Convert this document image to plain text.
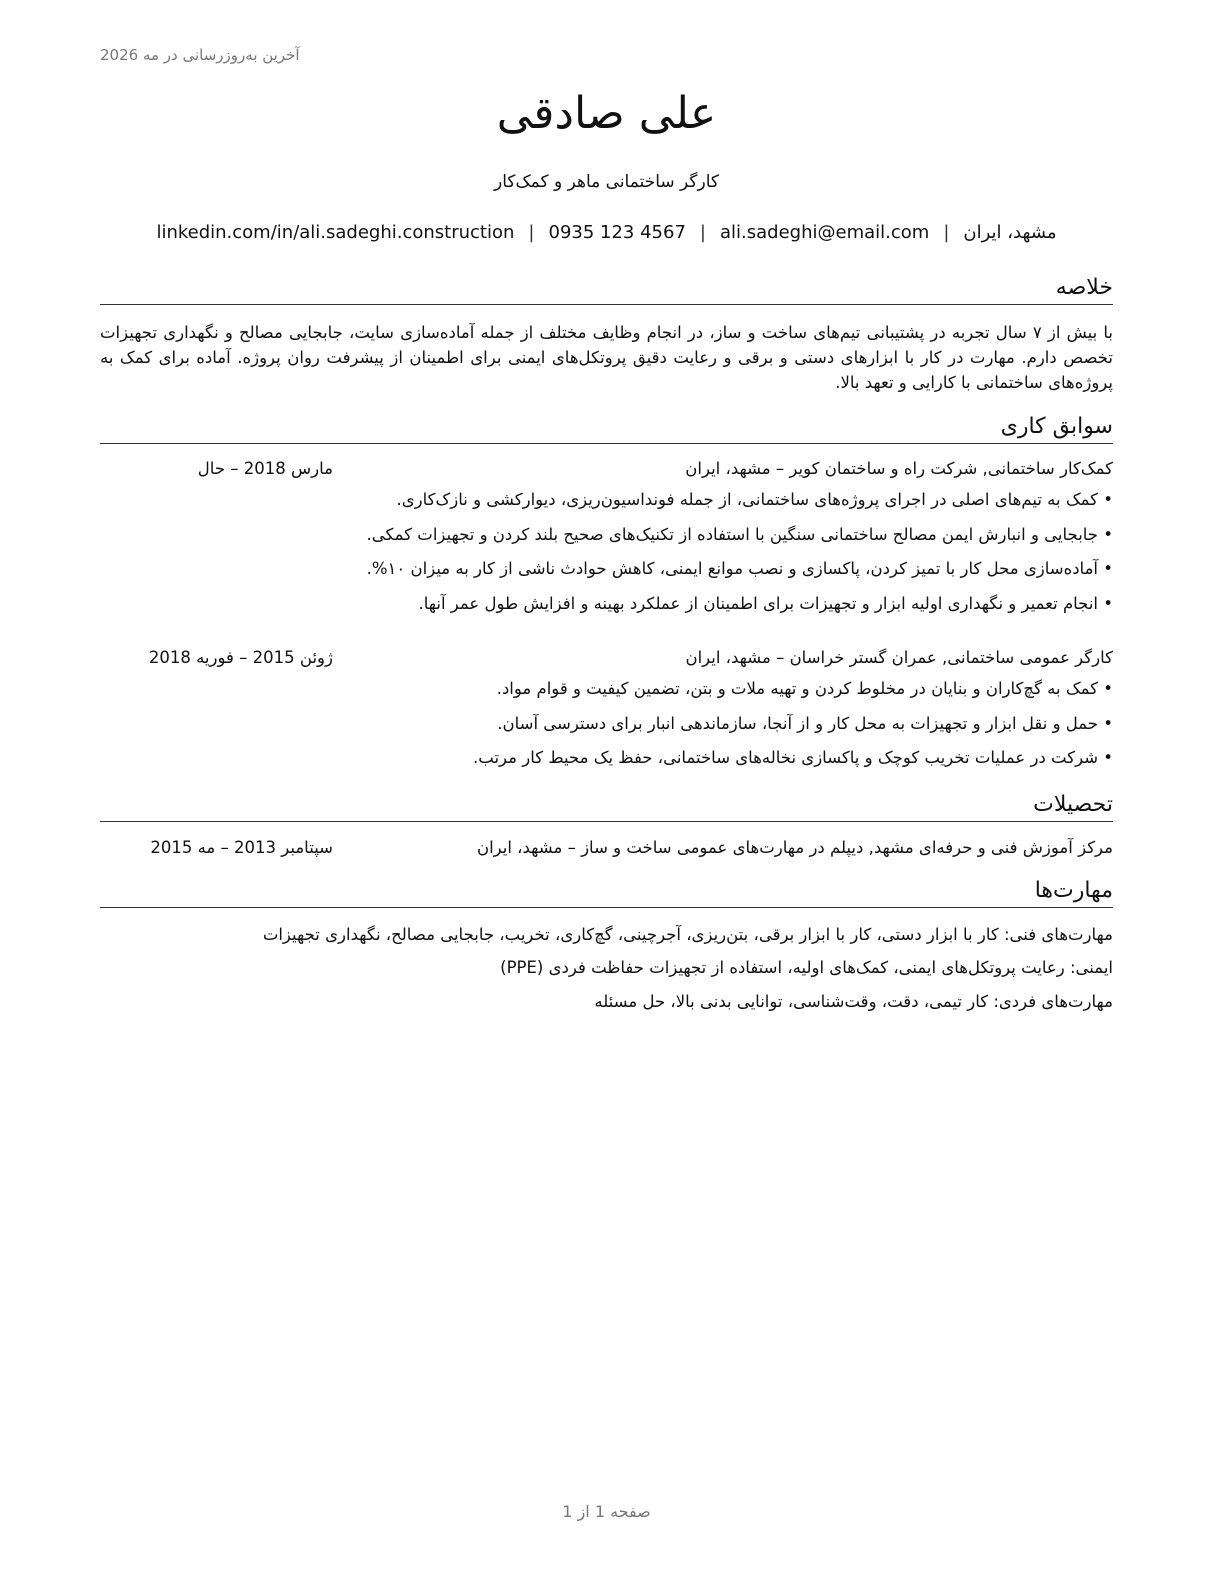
آخرین به‌روزرسانی در مه 2026
علی صادقی
کارگر ساختمانی ماهر و کمک‌کار
linkedin.com/in/ali.sadeghi.construction | 0935 123 4567 | ali.sadeghi@email.com | مشهد، ایران
خلاصه
با بیش از ۷ سال تجربه در پشتیبانی تیم‌های ساخت و ساز، در انجام وظایف مختلف از جمله آماده‌سازی سایت، جابجایی مصالح و نگهداری تجهیزات تخصص دارم. مهارت در کار با ابزارهای دستی و برقی و رعایت دقیق پروتکل‌های ایمنی برای اطمینان از پیشرفت روان پروژه. آماده برای کمک به پروژه‌های ساختمانی با کارایی و تعهد بالا.
سوابق کاری
کمک‌کار ساختمانی, شرکت راه و ساختمان کویر – مشهد، ایران
مارس 2018 – حال
• کمک به تیم‌های اصلی در اجرای پروژه‌های ساختمانی، از جمله فونداسیون‌ریزی، دیوارکشی و نازک‌کاری.
• جابجایی و انبارش ایمن مصالح ساختمانی سنگین با استفاده از تکنیک‌های صحیح بلند کردن و تجهیزات کمکی.
• آماده‌سازی محل کار با تمیز کردن، پاکسازی و نصب موانع ایمنی، کاهش حوادث ناشی از کار به میزان ۱۰%.
• انجام تعمیر و نگهداری اولیه ابزار و تجهیزات برای اطمینان از عملکرد بهینه و افزایش طول عمر آنها.
کارگر عمومی ساختمانی, عمران گستر خراسان – مشهد، ایران
ژوئن 2015 – فوریه 2018
• کمک به گچ‌کاران و بنایان در مخلوط کردن و تهیه ملات و بتن، تضمین کیفیت و قوام مواد.
• حمل و نقل ابزار و تجهیزات به محل کار و از آنجا، سازماندهی انبار برای دسترسی آسان.
• شرکت در عملیات تخریب کوچک و پاکسازی نخاله‌های ساختمانی، حفظ یک محیط کار مرتب.
تحصیلات
مرکز آموزش فنی و حرفه‌ای مشهد, دیپلم در مهارت‌های عمومی ساخت و ساز – مشهد، ایران
سپتامبر 2013 – مه 2015
مهارت‌ها
مهارت‌های فنی: کار با ابزار دستی، کار با ابزار برقی، بتن‌ریزی، آجرچینی، گچ‌کاری، تخریب، جابجایی مصالح، نگهداری تجهیزات
ایمنی: رعایت پروتکل‌های ایمنی، کمک‌های اولیه، استفاده از تجهیزات حفاظت فردی (PPE)
مهارت‌های فردی: کار تیمی، دقت، وقت‌شناسی، توانایی بدنی بالا، حل مسئله
صفحه 1 از 1
